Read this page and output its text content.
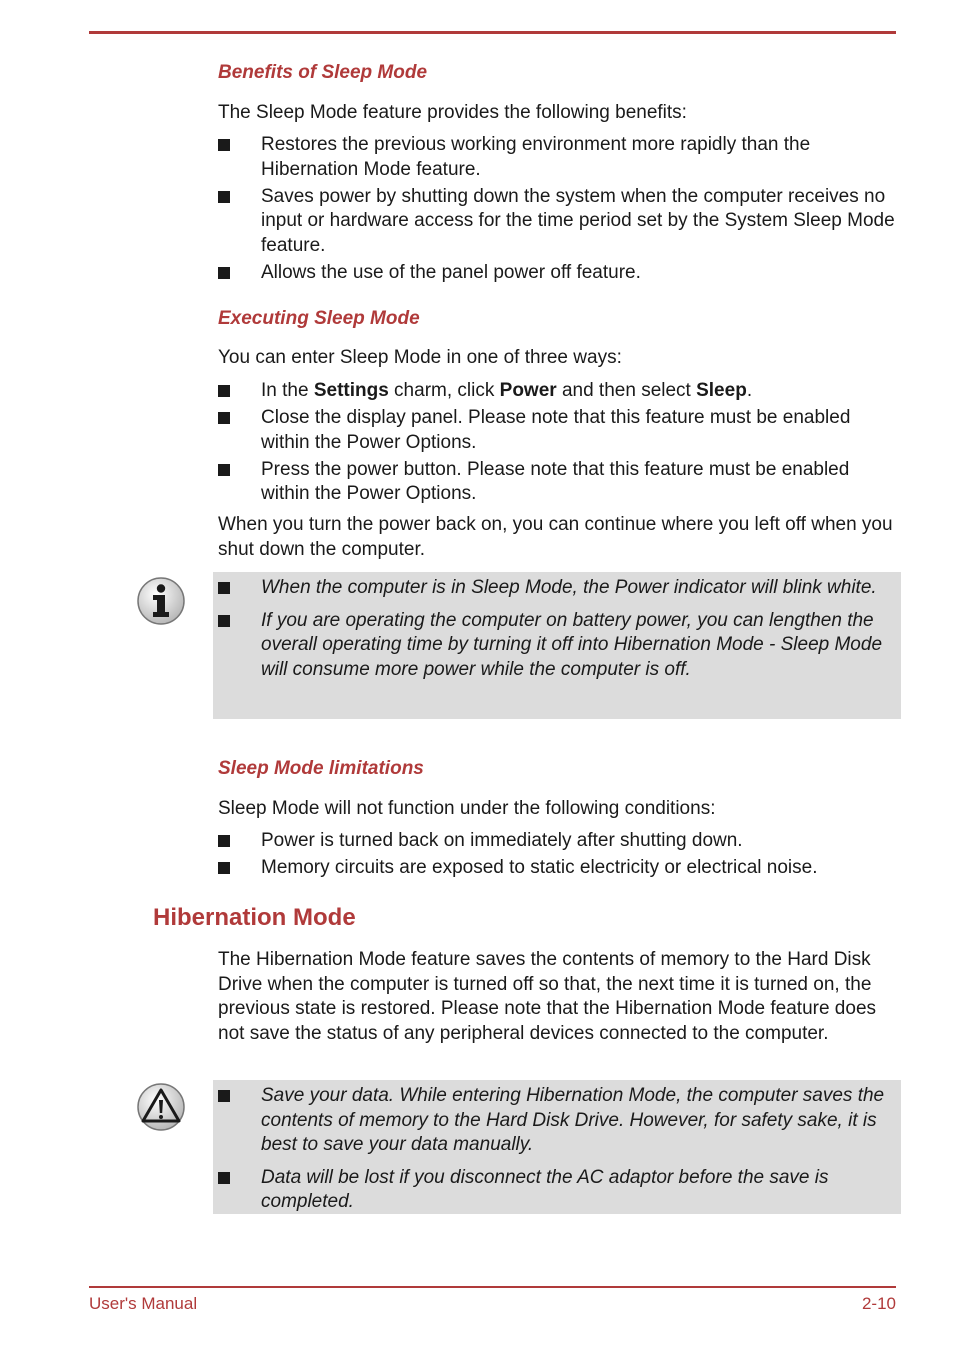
Benefits of Sleep Mode

The Sleep Mode feature provides the following benefits:

Restores the previous working environment more rapidly than the Hibernation Mode feature.
Saves power by shutting down the system when the computer receives no input or hardware access for the time period set by the System Sleep Mode feature.
Allows the use of the panel power off feature.
Executing Sleep Mode

You can enter Sleep Mode in one of three ways:

In the Settings charm, click Power and then select Sleep.
Close the display panel. Please note that this feature must be enabled within the Power Options.
Press the power button. Please note that this feature must be enabled within the Power Options.

When you turn the power back on, you can continue where you left off when you shut down the computer.

When the computer is in Sleep Mode, the Power indicator will blink white.
If you are operating the computer on battery power, you can lengthen the overall operating time by turning it off into Hibernation Mode - Sleep Mode will consume more power while the computer is off.
Sleep Mode limitations

Sleep Mode will not function under the following conditions:

Power is turned back on immediately after shutting down.
Memory circuits are exposed to static electricity or electrical noise.
Hibernation Mode

The Hibernation Mode feature saves the contents of memory to the Hard Disk Drive when the computer is turned off so that, the next time it is turned on, the previous state is restored. Please note that the Hibernation Mode feature does not save the status of any peripheral devices connected to the computer.

Save your data. While entering Hibernation Mode, the computer saves the contents of memory to the Hard Disk Drive. However, for safety sake, it is best to save your data manually.
Data will be lost if you disconnect the AC adaptor before the save is completed.
User's Manual	2-10
